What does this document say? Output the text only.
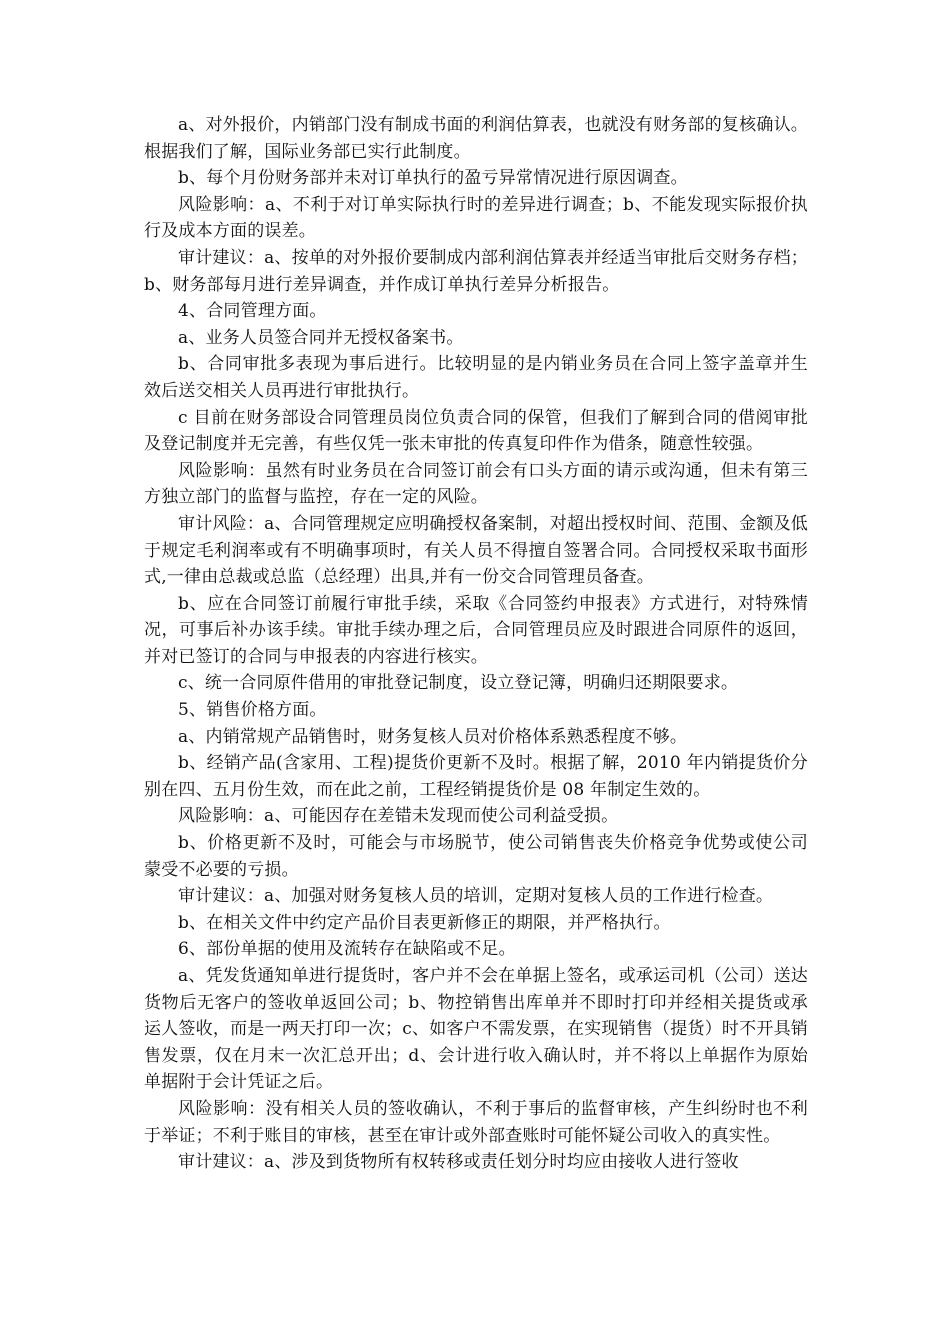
a、对外报价，内销部门没有制成书面的利润估算表，也就没有财务部的复核确认。根据我们了解，国际业务部已实行此制度。

b、每个月份财务部并未对订单执行的盈亏异常情况进行原因调查。

风险影响：a、不利于对订单实际执行时的差异进行调查；b、不能发现实际报价执行及成本方面的误差。

审计建议：a、按单的对外报价要制成内部利润估算表并经适当审批后交财务存档；b、财务部每月进行差异调查，并作成订单执行差异分析报告。

4、合同管理方面。

a、业务人员签合同并无授权备案书。

b、合同审批多表现为事后进行。比较明显的是内销业务员在合同上签字盖章并生效后送交相关人员再进行审批执行。

c 目前在财务部设合同管理员岗位负责合同的保管，但我们了解到合同的借阅审批及登记制度并无完善，有些仅凭一张未审批的传真复印件作为借条，随意性较强。

风险影响：虽然有时业务员在合同签订前会有口头方面的请示或沟通，但未有第三方独立部门的监督与监控，存在一定的风险。

审计风险：a、合同管理规定应明确授权备案制，对超出授权时间、范围、金额及低于规定毛利润率或有不明确事项时，有关人员不得擅自签署合同。合同授权采取书面形式,一律由总裁或总监（总经理）出具,并有一份交合同管理员备查。

b、应在合同签订前履行审批手续，采取《合同签约申报表》方式进行，对特殊情况，可事后补办该手续。审批手续办理之后，合同管理员应及时跟进合同原件的返回，并对已签订的合同与申报表的内容进行核实。

c、统一合同原件借用的审批登记制度，设立登记簿，明确归还期限要求。

5、销售价格方面。

a、内销常规产品销售时，财务复核人员对价格体系熟悉程度不够。

b、经销产品(含家用、工程)提货价更新不及时。根据了解，2010 年内销提货价分别在四、五月份生效，而在此之前，工程经销提货价是 08 年制定生效的。

风险影响：a、可能因存在差错未发现而使公司利益受损。

b、价格更新不及时，可能会与市场脱节，使公司销售丧失价格竞争优势或使公司蒙受不必要的亏损。

审计建议：a、加强对财务复核人员的培训，定期对复核人员的工作进行检查。

b、在相关文件中约定产品价目表更新修正的期限，并严格执行。

6、部份单据的使用及流转存在缺陷或不足。

a、凭发货通知单进行提货时，客户并不会在单据上签名，或承运司机（公司）送达货物后无客户的签收单返回公司；b、物控销售出库单并不即时打印并经相关提货或承运人签收，而是一两天打印一次；c、如客户不需发票，在实现销售（提货）时不开具销售发票，仅在月末一次汇总开出；d、会计进行收入确认时，并不将以上单据作为原始单据附于会计凭证之后。

风险影响：没有相关人员的签收确认，不利于事后的监督审核，产生纠纷时也不利于举证；不利于账目的审核，甚至在审计或外部查账时可能怀疑公司收入的真实性。

审计建议：a、涉及到货物所有权转移或责任划分时均应由接收人进行签收
